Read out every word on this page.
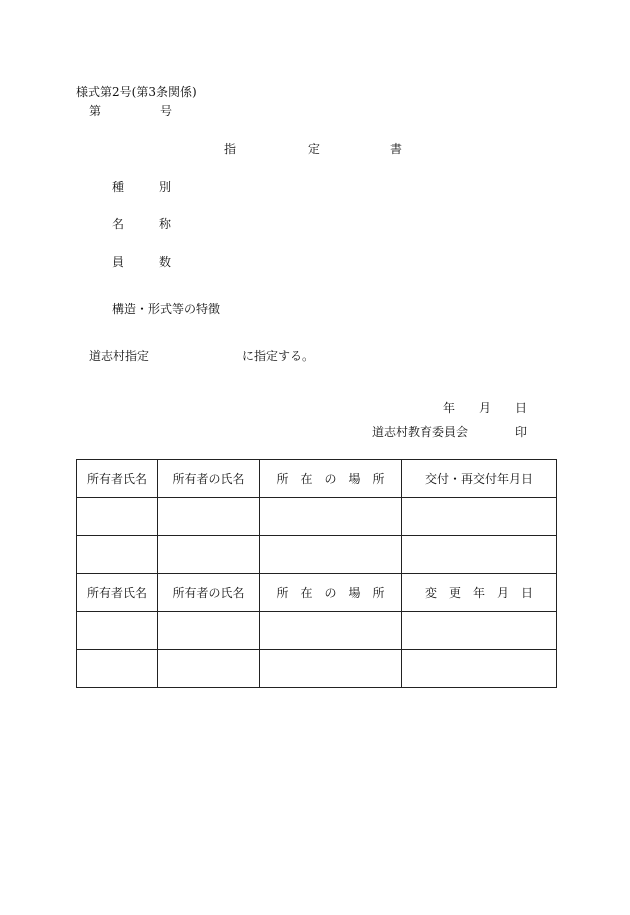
様式第2号(第3条関係)
第	号
指	定	書
種	別
名	称
員	数
構造・形式等の特徴
道志村指定	に指定する。
年 月 日
道志村教育委員会	印
所有者氏名	所有者の氏名	所　在　の　場　所	交付・再交付年月日

所有者氏名	所有者の氏名	所　在　の　場　所	変　更　年　月　日
